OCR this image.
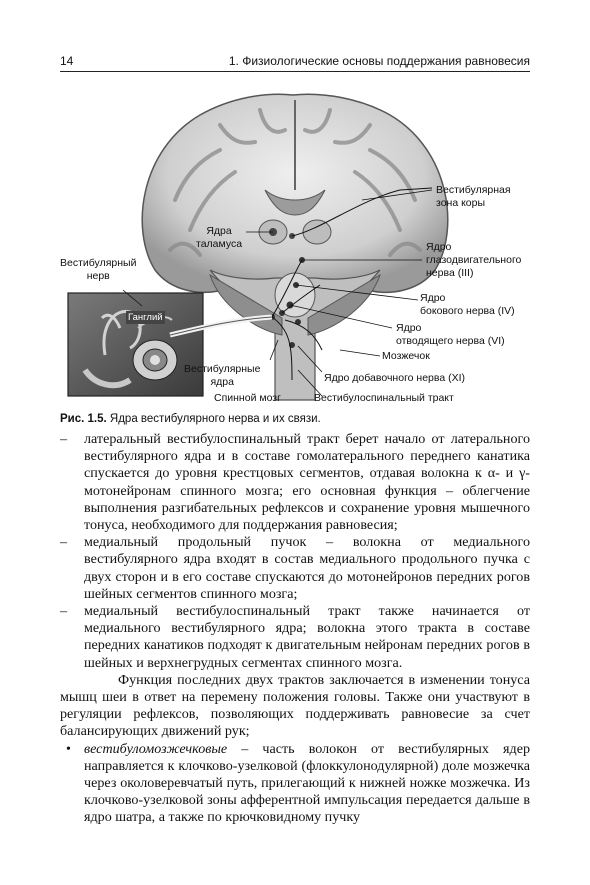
14	1. Физиологические основы поддержания равновесия
Вестибулярная
зона коры
Ядра
таламуса
Вестибулярный
нерв
Ганглий
Ядро
глазодвигательного
нерва (III)
Ядро
бокового нерва (IV)
Ядро
отводящего нерва (VI)
Мозжечок
Вестибулярные
ядра	Ядро добавочного нерва (XI)
Спинной мозг	Вестибулоспинальный тракт
Рис. 1.5. Ядра вестибулярного нерва и их связи.

– латеральный вестибулоспинальный тракт берет начало от латерального вестибулярного ядра и в составе гомолатерального переднего канатика спускается до уровня крестцовых сегментов, отдавая волокна к α- и γ-мотонейронам спинного мозга; его основная функция – облегчение выполнения разгибательных рефлексов и сохранение уровня мышечного тонуса, необходимого для поддержания равновесия;

– медиальный продольный пучок – волокна от медиального вестибулярного ядра входят в состав медиального продольного пучка с двух сторон и в его составе спускаются до мотонейронов передних рогов шейных сегментов спинного мозга;

– медиальный вестибулоспинальный тракт также начинается от медиального вестибулярного ядра; волокна этого тракта в составе передних канатиков подходят к двигательным нейронам передних рогов в шейных и верхнегрудных сегментах спинного мозга.

Функция последних двух трактов заключается в изменении тонуса мышц шеи в ответ на перемену положения головы. Также они участвуют в регуляции рефлексов, позволяющих поддерживать равновесие за счет балансирующих движений рук;

• вестибуломозжечковые – часть волокон от вестибулярных ядер направляется к клочково-узелковой (флоккулонодулярной) доле мозжечка через околоверевчатый путь, прилегающий к нижней ножке мозжечка. Из клочково-узелковой зоны афферентной импульсация передается дальше в ядро шатра, а также по крючковидному пучку
